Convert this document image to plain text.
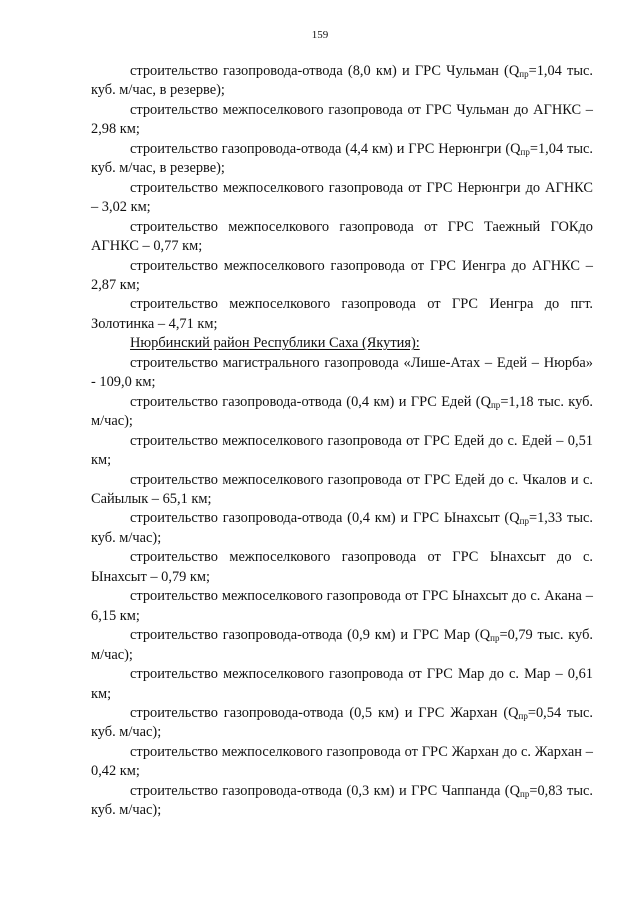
159

строительство газопровода-отвода (8,0 км) и ГРС Чульман ($Q_{пр}=1,04$ тыс. куб. м/час, в резерве);

строительство межпоселкового газопровода от ГРС Чульман до АГНКС – 2,98 км;

строительство газопровода-отвода (4,4 км) и ГРС Нерюнгри ($Q_{пр}=1,04$ тыс. куб. м/час, в резерве);

строительство межпоселкового газопровода от ГРС Нерюнгри до АГНКС – 3,02 км;

строительство межпоселкового газопровода от ГРС Таежный ГОКдо АГНКС – 0,77 км;

строительство межпоселкового газопровода от ГРС Иенгра до АГНКС – 2,87 км;

строительство межпоселкового газопровода от ГРС Иенгра до пгт. Золотинка – 4,71 км;

Нюрбинский район Республики Саха (Якутия):

строительство магистрального газопровода «Лише-Атах – Едей – Нюрба» - 109,0 км;

строительство газопровода-отвода (0,4 км) и ГРС Едей ($Q_{пр}=1,18$ тыс. куб. м/час);

строительство межпоселкового газопровода от ГРС Едей до с. Едей – 0,51 км;

строительство межпоселкового газопровода от ГРС Едей до с. Чкалов и с. Сайылык – 65,1 км;

строительство газопровода-отвода (0,4 км) и ГРС Ынахсыт ($Q_{пр}=1,33$ тыс. куб. м/час);

строительство межпоселкового газопровода от ГРС Ынахсыт до с. Ынахсыт – 0,79 км;

строительство межпоселкового газопровода от ГРС Ынахсыт до с. Акана – 6,15 км;

строительство газопровода-отвода (0,9 км) и ГРС Мар ($Q_{пр}=0,79$ тыс. куб. м/час);

строительство межпоселкового газопровода от ГРС Мар до с. Мар – 0,61 км;

строительство газопровода-отвода (0,5 км) и ГРС Жархан ($Q_{пр}=0,54$ тыс. куб. м/час);

строительство межпоселкового газопровода от ГРС Жархан до с. Жархан – 0,42 км;

строительство газопровода-отвода (0,3 км) и ГРС Чаппанда ($Q_{пр}=0,83$ тыс. куб. м/час);
